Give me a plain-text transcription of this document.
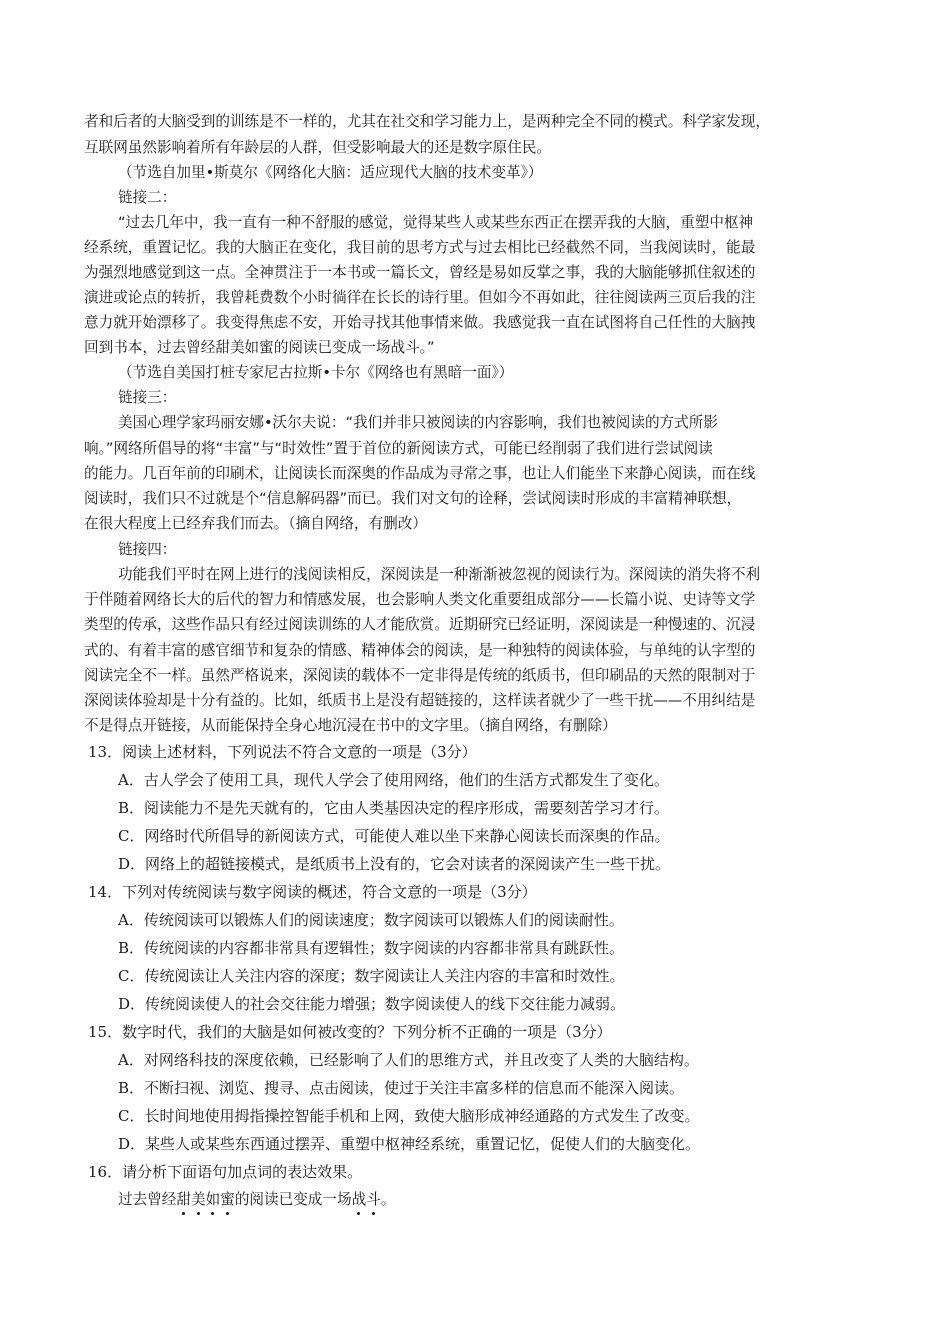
者和后者的大脑受到的训练是不一样的，尤其在社交和学习能力上，是两种完全不同的模式。科学家发现，
互联网虽然影响着所有年龄层的人群，但受影响最大的还是数字原住民。
（节选自加里•斯莫尔《网络化大脑：适应现代大脑的技术变革》）
链接二：
“过去几年中，我一直有一种不舒服的感觉，觉得某些人或某些东西正在摆弄我的大脑，重塑中枢神
经系统，重置记忆。我的大脑正在变化，我目前的思考方式与过去相比已经截然不同，当我阅读时，能最
为强烈地感觉到这一点。全神贯注于一本书或一篇长文，曾经是易如反掌之事，我的大脑能够抓住叙述的
演进或论点的转折，我曾耗费数个小时徜徉在长长的诗行里。但如今不再如此，往往阅读两三页后我的注
意力就开始漂移了。我变得焦虑不安，开始寻找其他事情来做。我感觉我一直在试图将自己任性的大脑拽
回到书本，过去曾经甜美如蜜的阅读已变成一场战斗。”
（节选自美国打桩专家尼古拉斯•卡尔《网络也有黑暗一面》）
链接三：
美国心理学家玛丽安娜•沃尔夫说：“我们并非只被阅读的内容影响，我们也被阅读的方式所影
响。”网络所倡导的将“丰富”与“时效性”置于首位的新阅读方式，可能已经削弱了我们进行尝试阅读
的能力。几百年前的印刷术，让阅读长而深奥的作品成为寻常之事，也让人们能坐下来静心阅读，而在线
阅读时，我们只不过就是个“信息解码器”而已。我们对文句的诠释，尝试阅读时形成的丰富精神联想，
在很大程度上已经弃我们而去。（摘自网络，有删改）
链接四：
功能我们平时在网上进行的浅阅读相反，深阅读是一种渐渐被忽视的阅读行为。深阅读的消失将不利
于伴随着网络长大的后代的智力和情感发展，也会影响人类文化重要组成部分——长篇小说、史诗等文学
类型的传承，这些作品只有经过阅读训练的人才能欣赏。近期研究已经证明，深阅读是一种慢速的、沉浸
式的、有着丰富的感官细节和复杂的情感、精神体会的阅读，是一种独特的阅读体验，与单纯的认字型的
阅读完全不一样。虽然严格说来，深阅读的载体不一定非得是传统的纸质书，但印刷品的天然的限制对于
深阅读体验却是十分有益的。比如，纸质书上是没有超链接的，这样读者就少了一些干扰——不用纠结是
不是得点开链接，从而能保持全身心地沉浸在书中的文字里。（摘自网络，有删除）
13．阅读上述材料，下列说法不符合文意的一项是（3分）
A．古人学会了使用工具，现代人学会了使用网络，他们的生活方式都发生了变化。
B．阅读能力不是先天就有的，它由人类基因决定的程序形成，需要刻苦学习才行。
C．网络时代所倡导的新阅读方式，可能使人难以坐下来静心阅读长而深奥的作品。
D．网络上的超链接模式，是纸质书上没有的，它会对读者的深阅读产生一些干扰。
14．下列对传统阅读与数字阅读的概述，符合文意的一项是（3分）
A．传统阅读可以锻炼人们的阅读速度；数字阅读可以锻炼人们的阅读耐性。
B．传统阅读的内容都非常具有逻辑性；数字阅读的内容都非常具有跳跃性。
C．传统阅读让人关注内容的深度；数字阅读让人关注内容的丰富和时效性。
D．传统阅读使人的社会交往能力增强；数字阅读使人的线下交往能力减弱。
15．数字时代，我们的大脑是如何被改变的？下列分析不正确的一项是（3分）
A．对网络科技的深度依赖，已经影响了人们的思维方式，并且改变了人类的大脑结构。
B．不断扫视、浏览、搜寻、点击阅读，使过于关注丰富多样的信息而不能深入阅读。
C．长时间地使用拇指操控智能手机和上网，致使大脑形成神经通路的方式发生了改变。
D．某些人或某些东西通过摆弄、重塑中枢神经系统，重置记忆，促使人们的大脑变化。
16．请分析下面语句加点词的表达效果。
过去曾经甜美如蜜的阅读已变成一场战斗。
